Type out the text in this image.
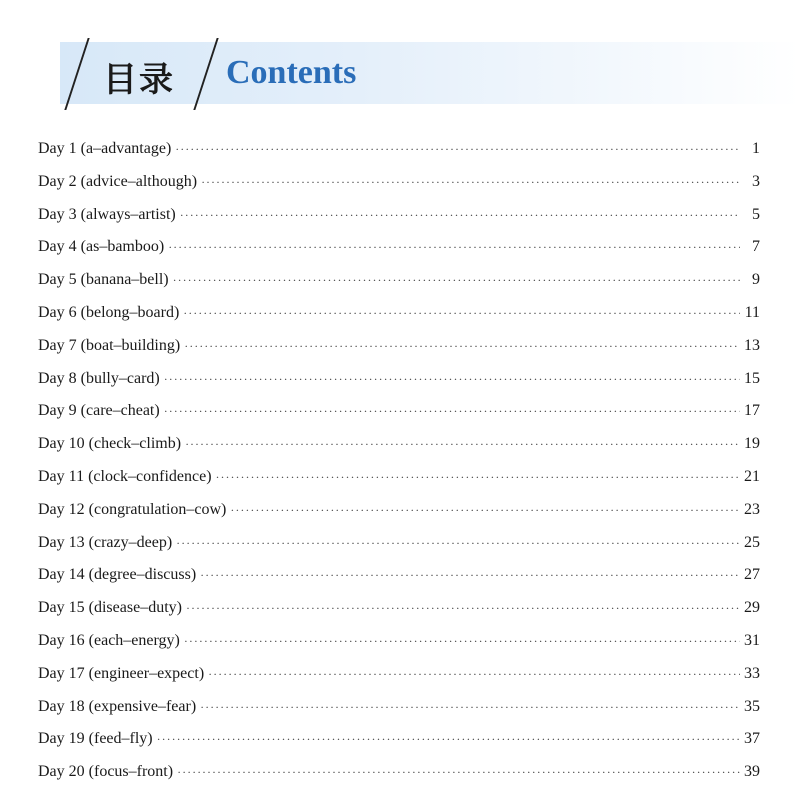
目录 Contents
Day 1 (a–advantage) ·····	1
Day 2 (advice–although) ·····	3
Day 3 (always–artist) ·····	5
Day 4 (as–bamboo) ·····	7
Day 5 (banana–bell) ·····	9
Day 6 (belong–board) ·····	11
Day 7 (boat–building) ·····	13
Day 8 (bully–card) ·····	15
Day 9 (care–cheat) ·····	17
Day 10 (check–climb) ·····	19
Day 11 (clock–confidence) ·····	21
Day 12 (congratulation–cow) ·····	23
Day 13 (crazy–deep) ·····	25
Day 14 (degree–discuss) ·····	27
Day 15 (disease–duty) ·····	29
Day 16 (each–energy) ·····	31
Day 17 (engineer–expect) ·····	33
Day 18 (expensive–fear) ·····	35
Day 19 (feed–fly) ·····	37
Day 20 (focus–front) ·····	39
